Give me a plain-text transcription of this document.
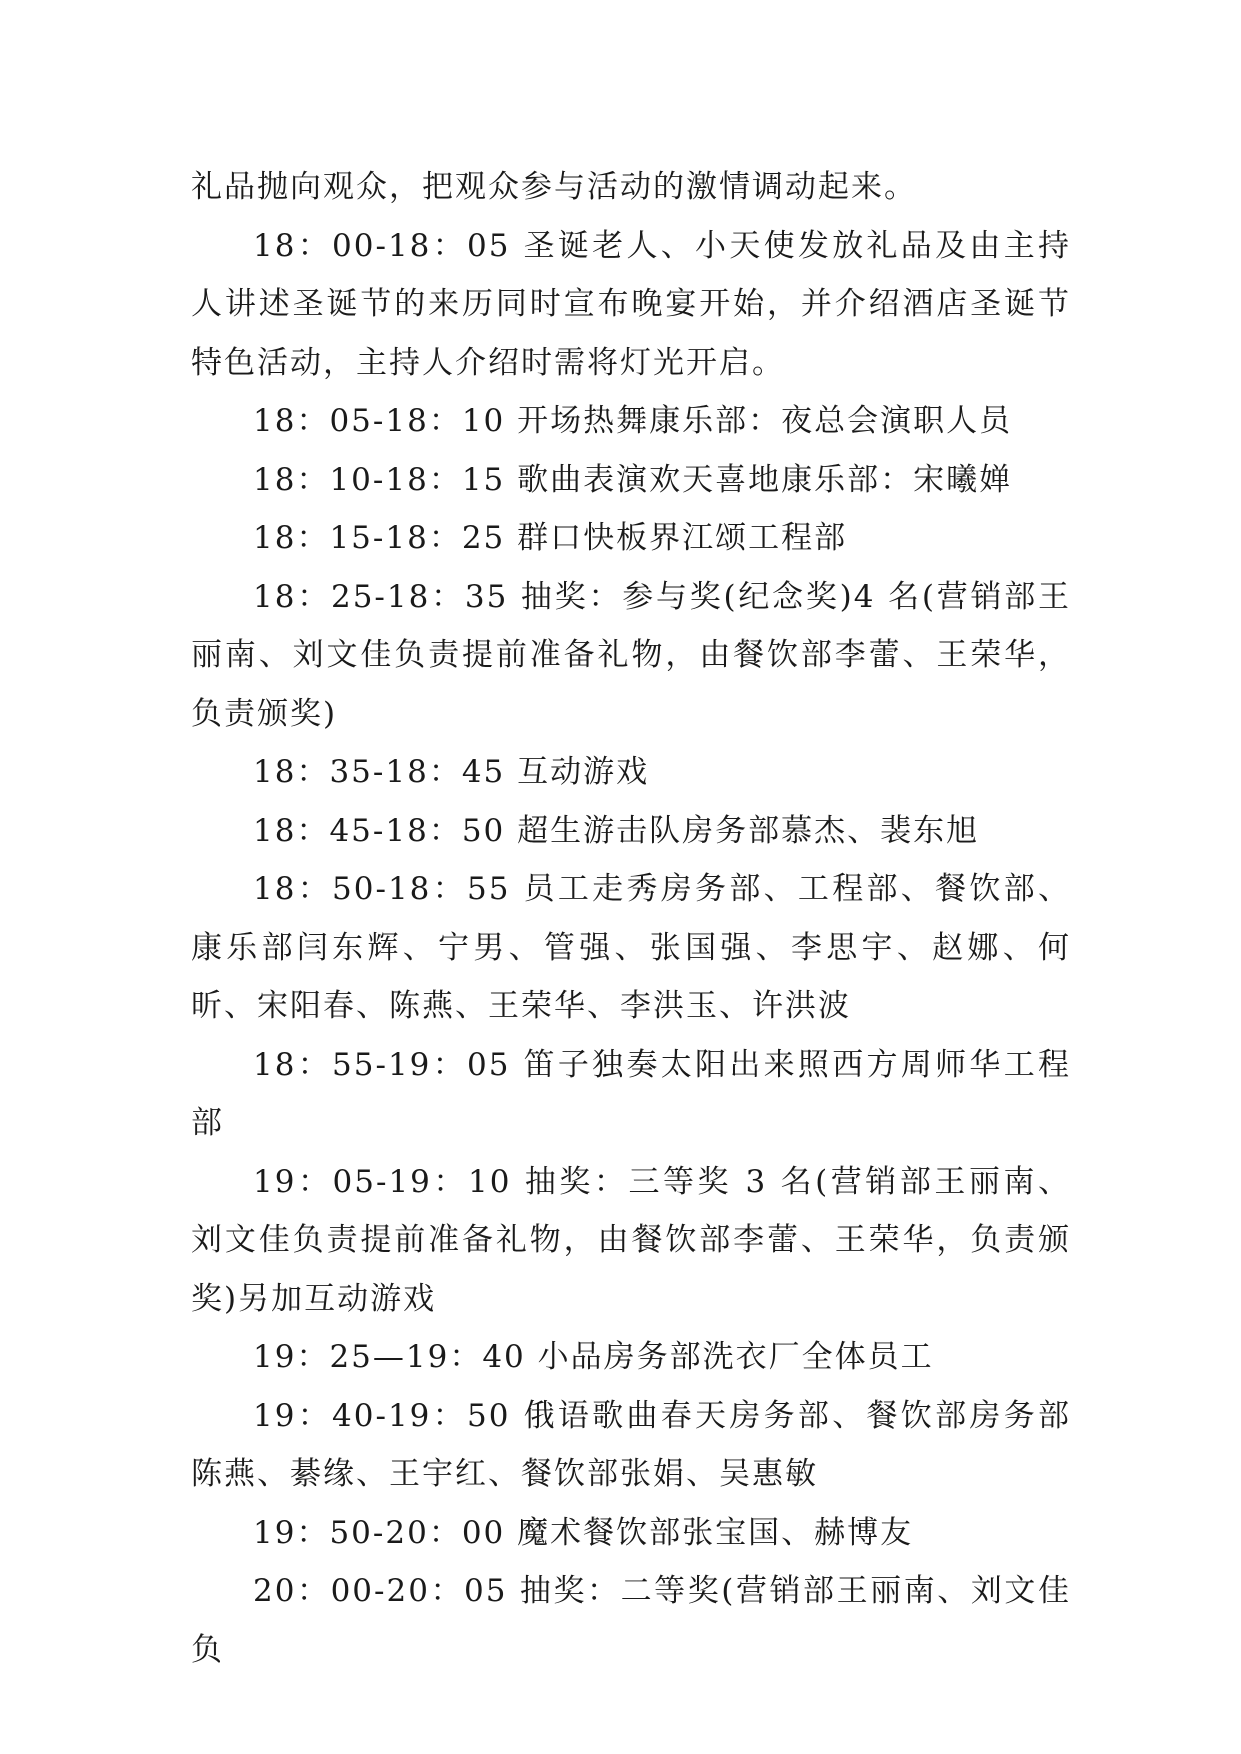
礼品抛向观众，把观众参与活动的激情调动起来。

18：00-18：05 圣诞老人、小天使发放礼品及由主持人讲述圣诞节的来历同时宣布晚宴开始，并介绍酒店圣诞节特色活动，主持人介绍时需将灯光开启。

18：05-18：10 开场热舞康乐部：夜总会演职人员

18：10-18：15 歌曲表演欢天喜地康乐部：宋曦婵

18：15-18：25 群口快板界江颂工程部

18：25-18：35 抽奖：参与奖(纪念奖)4 名(营销部王丽南、刘文佳负责提前准备礼物，由餐饮部李蕾、王荣华，负责颁奖)

18：35-18：45 互动游戏

18：45-18：50 超生游击队房务部慕杰、裴东旭

18：50-18：55 员工走秀房务部、工程部、餐饮部、康乐部闫东辉、宁男、管强、张国强、李思宇、赵娜、何昕、宋阳春、陈燕、王荣华、李洪玉、许洪波

18：55-19：05 笛子独奏太阳出来照西方周师华工程部

19：05-19：10 抽奖：三等奖 3 名(营销部王丽南、刘文佳负责提前准备礼物，由餐饮部李蕾、王荣华，负责颁奖)另加互动游戏

19：25—19：40 小品房务部洗衣厂全体员工

19：40-19：50 俄语歌曲春天房务部、餐饮部房务部陈燕、綦缘、王宇红、餐饮部张娟、吴惠敏

19：50-20：00 魔术餐饮部张宝国、赫博友

20：00-20：05 抽奖：二等奖(营销部王丽南、刘文佳负
